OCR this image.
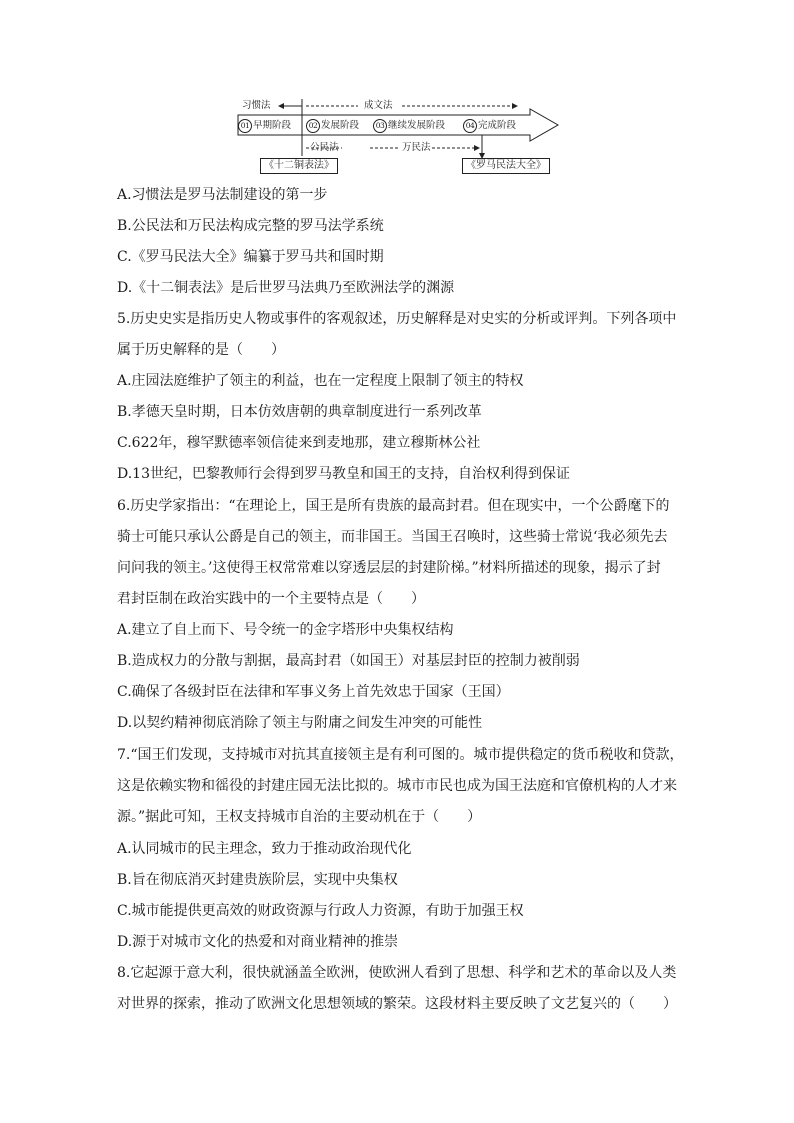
习惯法	成文法
01 早期阶段	02 发展阶段	03 继续发展阶段	04 完成阶段
公民法	万民法
《十二铜表法》	《罗马民法大全》
A.习惯法是罗马法制建设的第一步
B.公民法和万民法构成完整的罗马法学系统
C.《罗马民法大全》编纂于罗马共和国时期
D.《十二铜表法》是后世罗马法典乃至欧洲法学的渊源
5.历史史实是指历史人物或事件的客观叙述，历史解释是对史实的分析或评判。下列各项中
属于历史解释的是（　　）
A.庄园法庭维护了领主的利益，也在一定程度上限制了领主的特权
B.孝德天皇时期，日本仿效唐朝的典章制度进行一系列改革
C.622年，穆罕默德率领信徒来到麦地那，建立穆斯林公社
D.13世纪，巴黎教师行会得到罗马教皇和国王的支持，自治权利得到保证
6.历史学家指出：“在理论上，国王是所有贵族的最高封君。但在现实中，一个公爵麾下的
骑士可能只承认公爵是自己的领主，而非国王。当国王召唤时，这些骑士常说‘我必须先去
问问我的领主。’这使得王权常常难以穿透层层的封建阶梯。”材料所描述的现象，揭示了封
君封臣制在政治实践中的一个主要特点是（　　）
A.建立了自上而下、号令统一的金字塔形中央集权结构
B.造成权力的分散与割据，最高封君（如国王）对基层封臣的控制力被削弱
C.确保了各级封臣在法律和军事义务上首先效忠于国家（王国）
D.以契约精神彻底消除了领主与附庸之间发生冲突的可能性
7.“国王们发现，支持城市对抗其直接领主是有利可图的。城市提供稳定的货币税收和贷款，
这是依赖实物和徭役的封建庄园无法比拟的。城市市民也成为国王法庭和官僚机构的人才来
源。”据此可知，王权支持城市自治的主要动机在于（　　）
A.认同城市的民主理念，致力于推动政治现代化
B.旨在彻底消灭封建贵族阶层，实现中央集权
C.城市能提供更高效的财政资源与行政人力资源，有助于加强王权
D.源于对城市文化的热爱和对商业精神的推崇
8.它起源于意大利，很快就涵盖全欧洲，使欧洲人看到了思想、科学和艺术的革命以及人类
对世界的探索，推动了欧洲文化思想领域的繁荣。这段材料主要反映了文艺复兴的（　　）
